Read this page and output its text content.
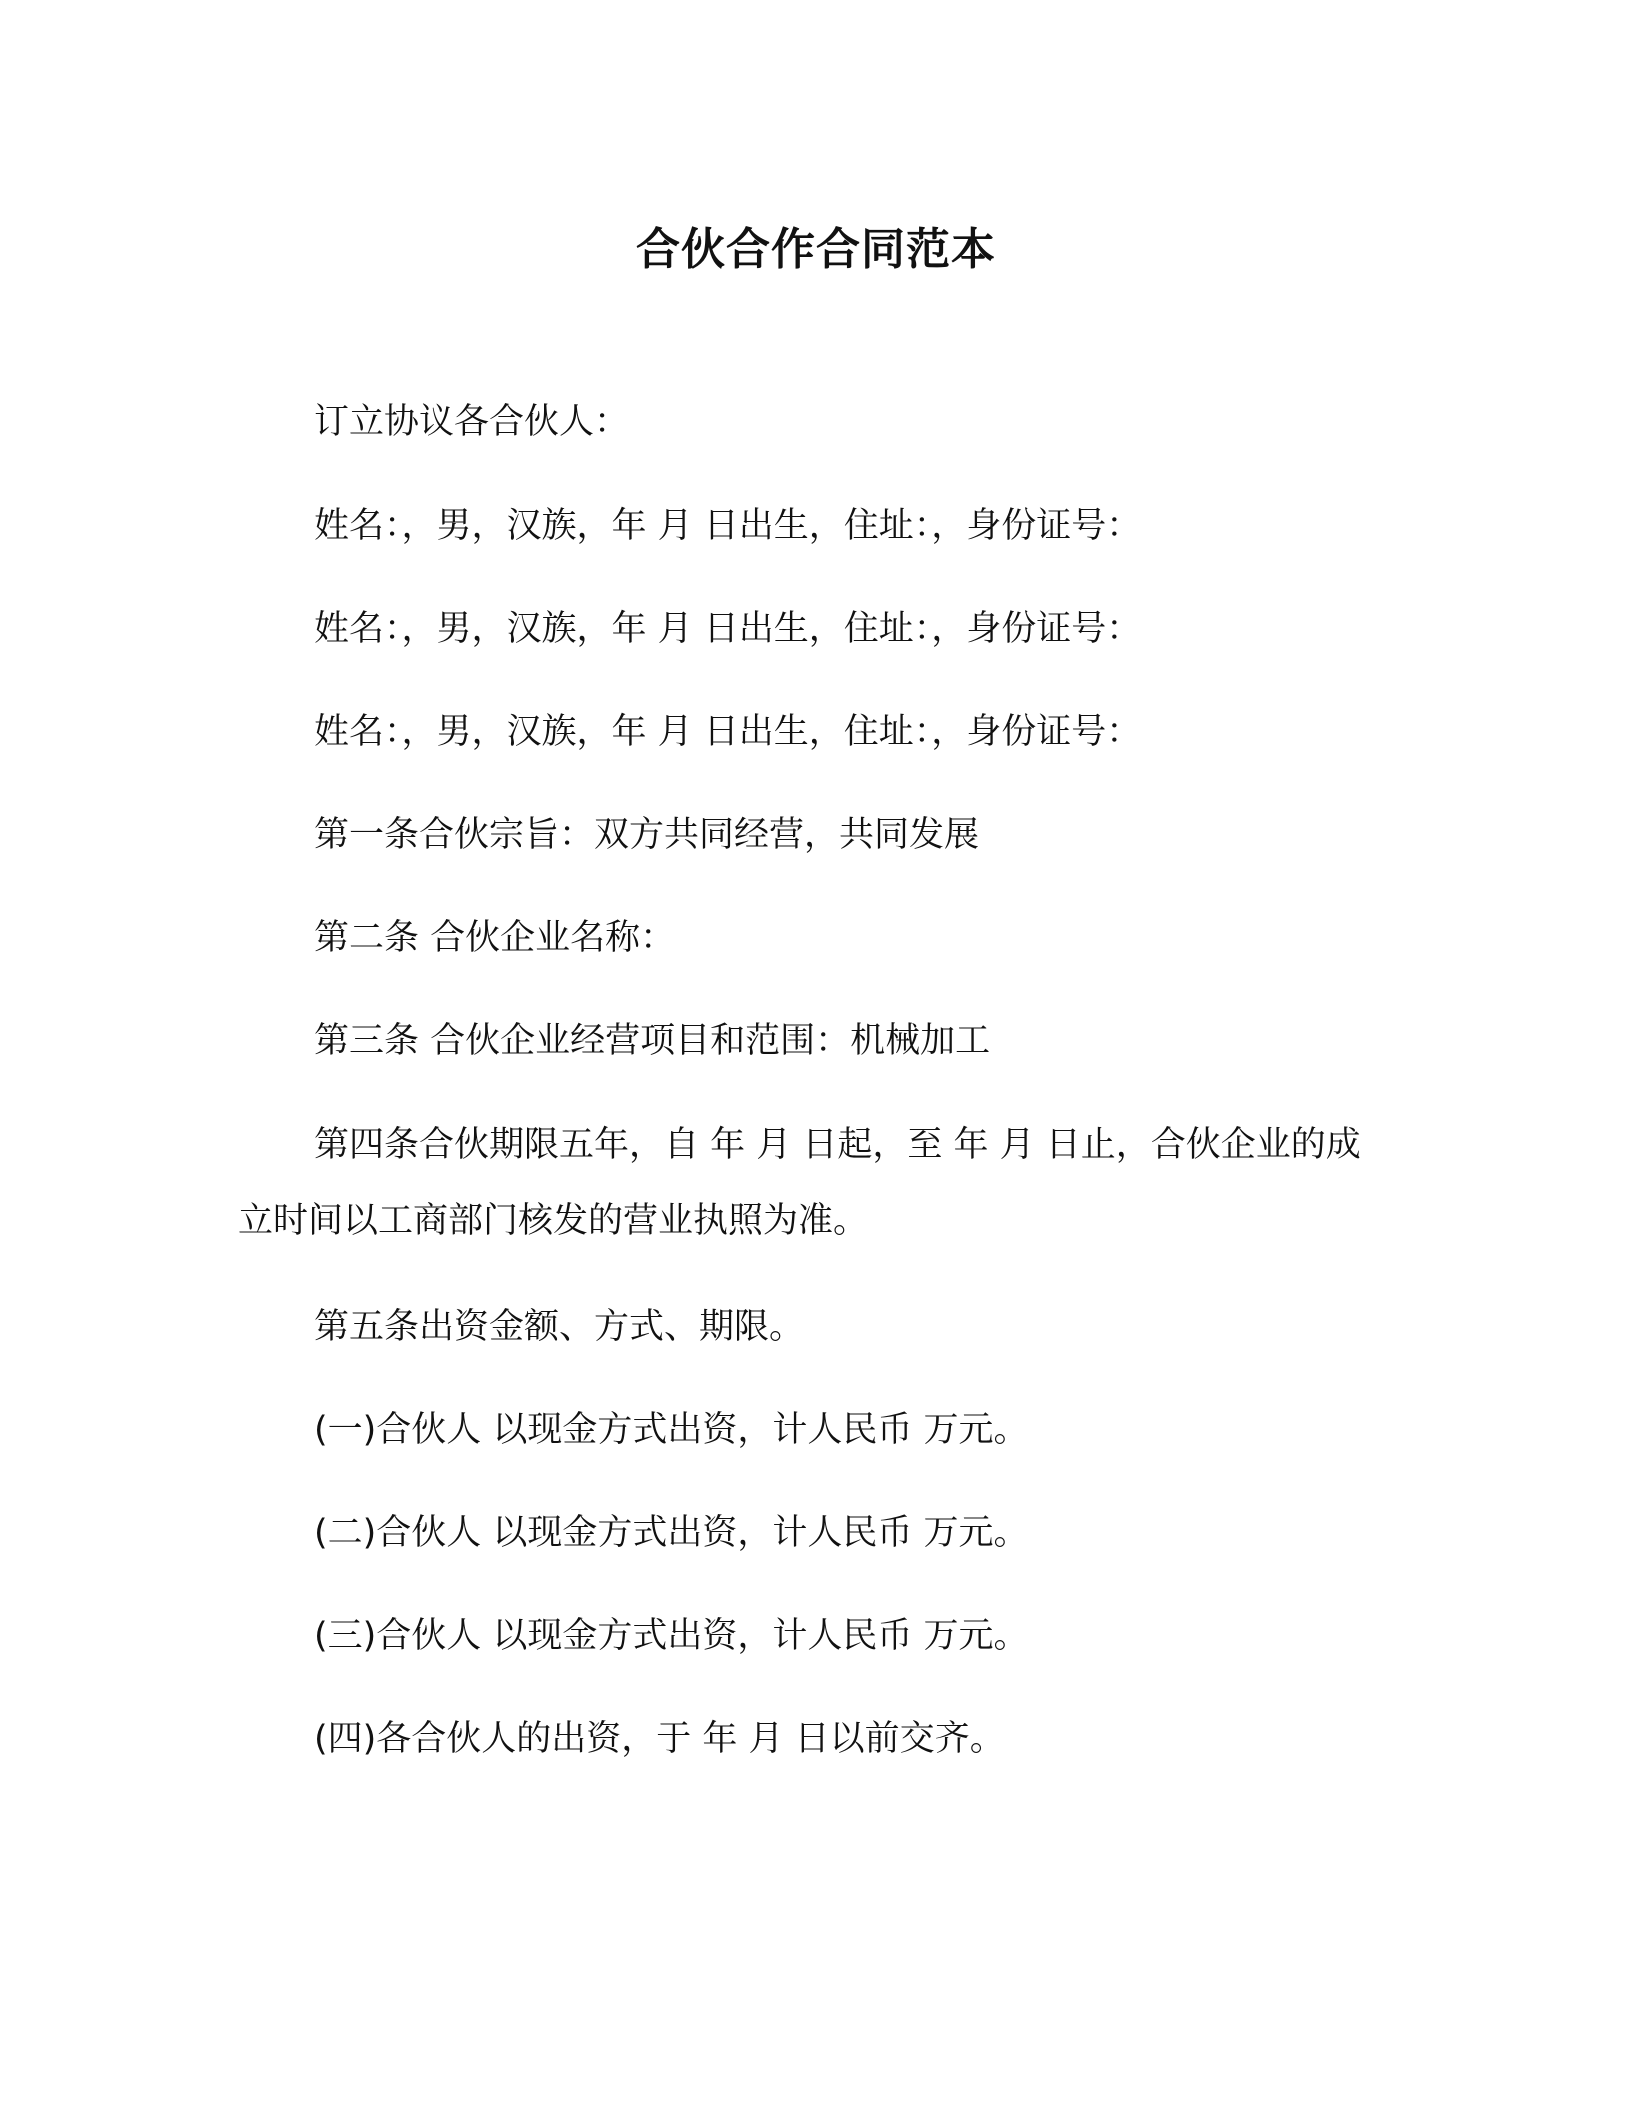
合伙合作合同范本
订立协议各合伙人：
姓名：，男，汉族，年 月 日出生，住址：，身份证号：
姓名：，男，汉族，年 月 日出生，住址：，身份证号：
姓名：，男，汉族，年 月 日出生，住址：，身份证号：
第一条合伙宗旨：双方共同经营，共同发展
第二条 合伙企业名称：
第三条 合伙企业经营项目和范围：机械加工
第四条合伙期限五年，自 年 月 日起，至 年 月 日止，合伙企业的成立时间以工商部门核发的营业执照为准。
第五条出资金额、方式、期限。
(一)合伙人 以现金方式出资，计人民币 万元。
(二)合伙人 以现金方式出资，计人民币 万元。
(三)合伙人 以现金方式出资，计人民币 万元。
(四)各合伙人的出资，于 年 月 日以前交齐。
